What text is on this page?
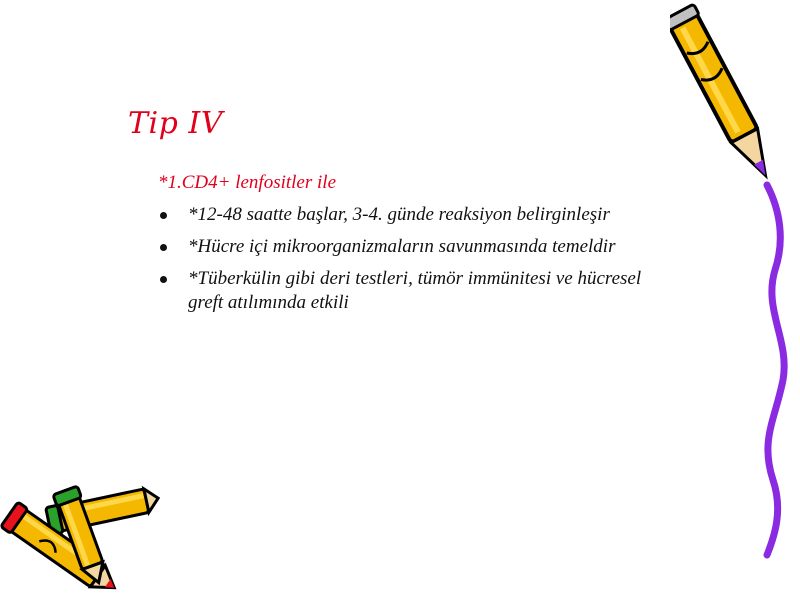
Tip IV
*1.CD4+ lenfositler ile
*12-48 saatte başlar, 3-4. günde reaksiyon belirginleşir
*Hücre içi mikroorganizmaların savunmasında temeldir
*Tüberkülin gibi deri testleri, tümör immünitesi ve hücresel greft atılımında etkili
